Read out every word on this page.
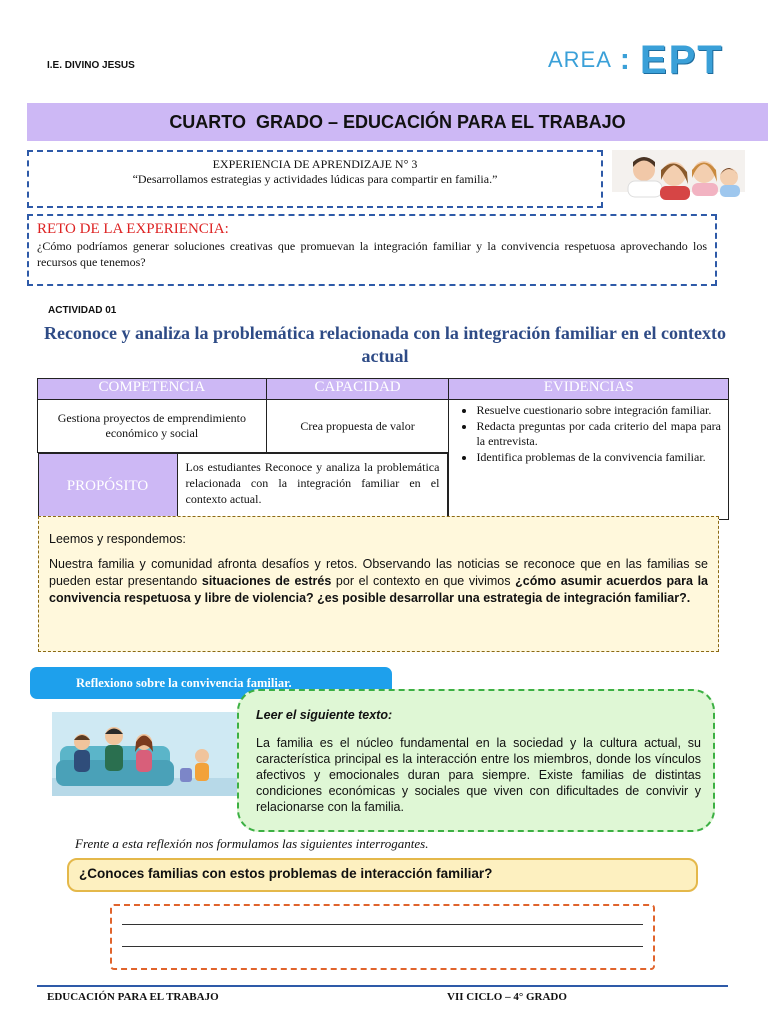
I.E. DIVINO JESUS	AREA : EPT
CUARTO  GRADO – EDUCACIÓN PARA EL TRABAJO
EXPERIENCIA DE APRENDIZAJE N° 3
“Desarrollamos estrategias y actividades lúdicas para compartir en familia.”
RETO DE LA EXPERIENCIA:
¿Cómo podríamos generar soluciones creativas que promuevan la integración familiar y la convivencia respetuosa aprovechando los recursos que tenemos?
ACTIVIDAD 01
Reconoce y analiza la problemática relacionada con la integración familiar en el contexto actual
COMPETENCIA	CAPACIDAD	EVIDENCIAS
Gestiona proyectos de emprendimiento económico y social	Crea propuesta de valor	
• Resuelve cuestionario sobre integración familiar.
• Redacta preguntas por cada criterio del mapa para la entrevista.
• Identifica problemas de la convivencia familiar.

PROPÓSITO	Los estudiantes Reconoce y analiza la problemática relacionada con la integración familiar en el contexto actual.

Leemos y respondemos:

Nuestra familia y comunidad afronta desafíos y retos. Observando las noticias se reconoce que en las familias se pueden estar presentando situaciones de estrés por el contexto en que vivimos ¿cómo asumir acuerdos para la convivencia respetuosa y libre de violencia? ¿es posible desarrollar una estrategia de integración familiar?.

Reflexiono sobre la convivencia familiar.
Leer el siguiente texto:
La familia es el núcleo fundamental en la sociedad y la cultura actual, su característica principal es la interacción entre los miembros, donde los vínculos afectivos y emocionales duran para siempre. Existe familias de distintas condiciones económicas y sociales que viven con dificultades de convivir y relacionarse con la familia.
Frente a esta reflexión nos formulamos las siguientes interrogantes.
¿Conoces familias con estos problemas de interacción familiar?
EDUCACIÓN PARA EL TRABAJO	VII CICLO – 4° GRADO
